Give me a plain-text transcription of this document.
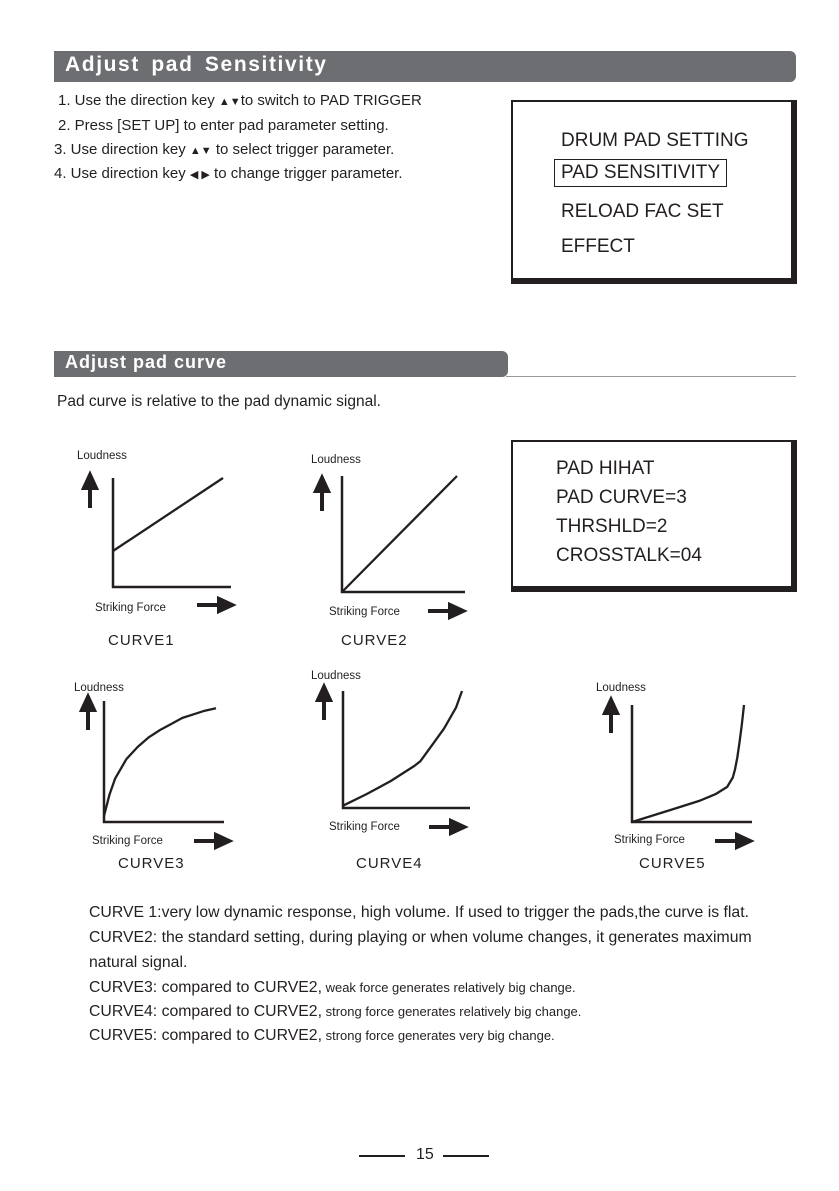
Adjust pad Sensitivity
1. Use the direction key ▲▼to switch to PAD TRIGGER
2. Press [SET UP] to enter pad parameter setting.
3. Use direction key ▲▼ to select trigger parameter.
4. Use direction key ◀ ▶ to change trigger parameter.
DRUM PAD SETTING
PAD SENSITIVITY
RELOAD FAC SET
EFFECT
Adjust pad curve
Pad curve is relative to the pad dynamic signal.
PAD HIHAT
PAD CURVE=3
THRSHLD=2
CROSSTALK=04
Loudness
Striking Force
CURVE1
Loudness
Striking Force
CURVE2
Loudness
Striking Force
CURVE3
Loudness
Striking Force
CURVE4
Loudness
Striking Force
CURVE5
CURVE 1:very low dynamic response, high volume. If used to trigger the pads,the curve is flat.
CURVE2: the standard setting, during playing or when volume changes, it generates maximum
natural signal.
CURVE3: compared to CURVE2, weak force generates relatively big change.
CURVE4: compared to CURVE2, strong force generates relatively big change.
CURVE5: compared to CURVE2, strong force generates very big change.
15
